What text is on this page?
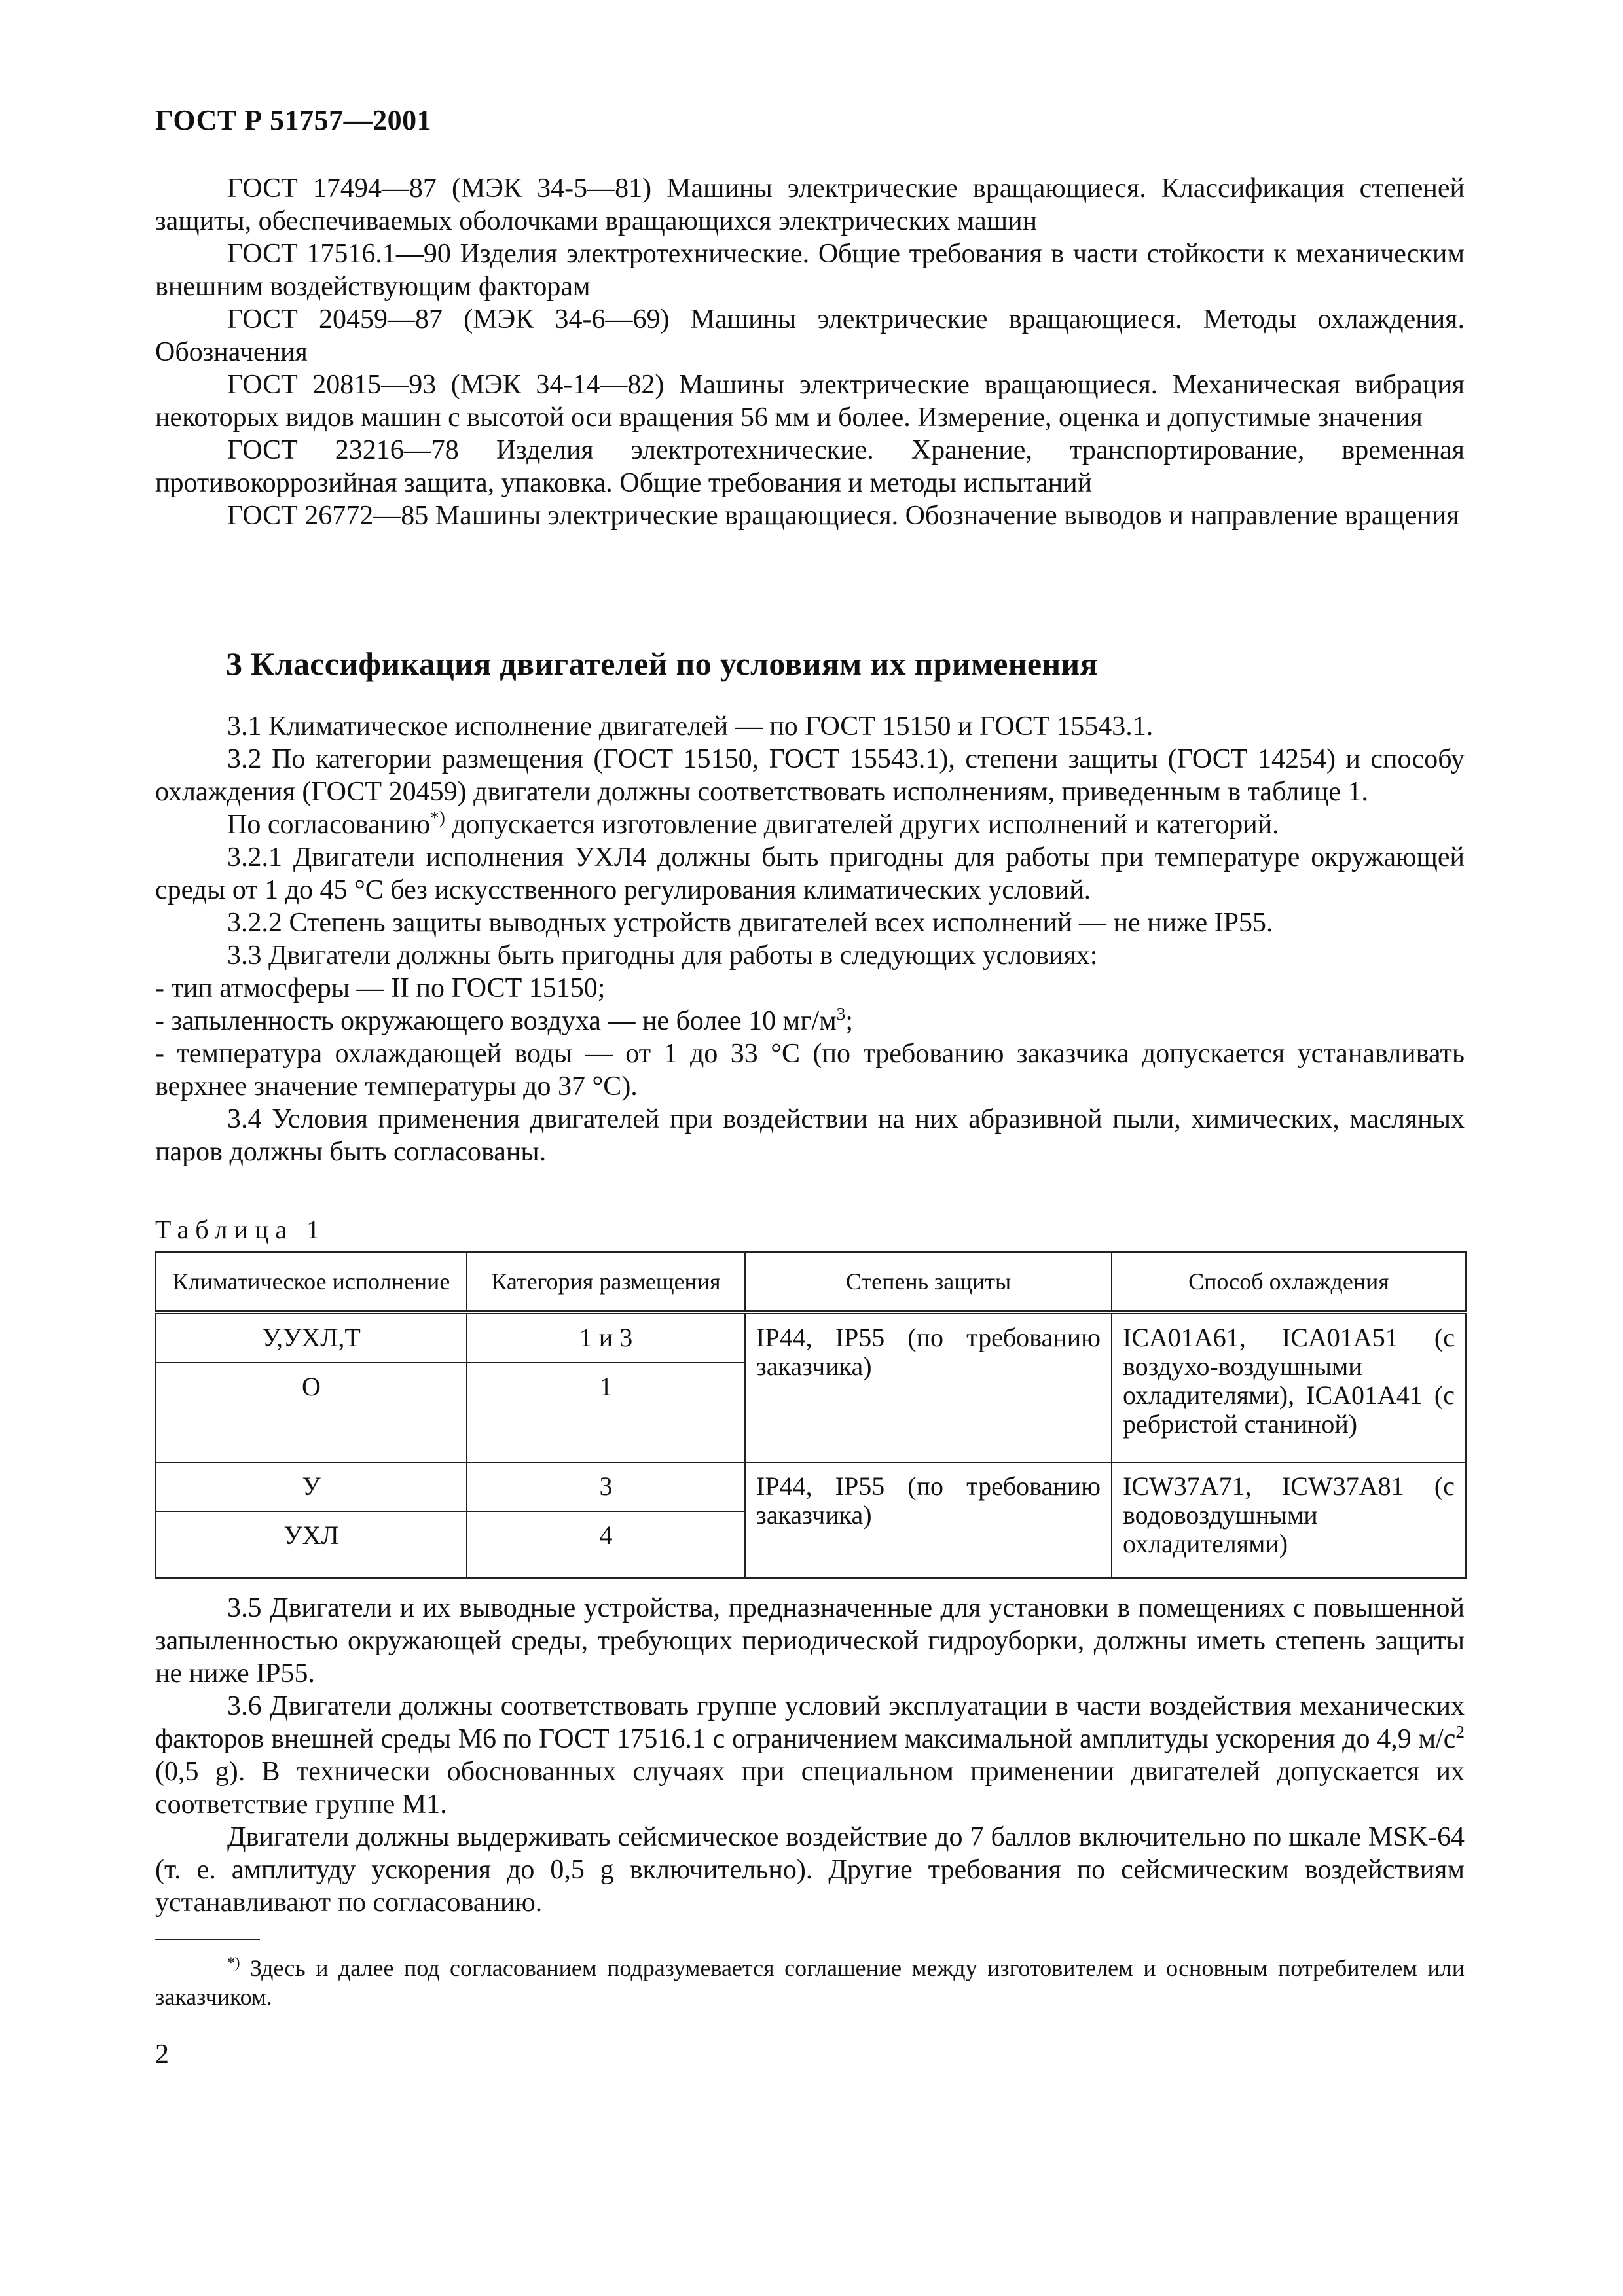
ГОСТ Р 51757—2001

ГОСТ 17494—87 (МЭК 34-5—81) Машины электрические вращающиеся. Классификация степеней защиты, обеспечиваемых оболочками вращающихся электрических машин

ГОСТ 17516.1—90 Изделия электротехнические. Общие требования в части стойкости к механическим внешним воздействующим факторам

ГОСТ 20459—87 (МЭК 34-6—69) Машины электрические вращающиеся. Методы охлаждения. Обозначения

ГОСТ 20815—93 (МЭК 34-14—82) Машины электрические вращающиеся. Механическая вибрация некоторых видов машин с высотой оси вращения 56 мм и более. Измерение, оценка и допустимые значения

ГОСТ 23216—78 Изделия электротехнические. Хранение, транспортирование, временная противокоррозийная защита, упаковка. Общие требования и методы испытаний

ГОСТ 26772—85 Машины электрические вращающиеся. Обозначение выводов и направление вращения

3 Классификация двигателей по условиям их применения

3.1 Климатическое исполнение двигателей — по ГОСТ 15150 и ГОСТ 15543.1.

3.2 По категории размещения (ГОСТ 15150, ГОСТ 15543.1), степени защиты (ГОСТ 14254) и способу охлаждения (ГОСТ 20459) двигатели должны соответствовать исполнениям, приведенным в таблице 1.

По согласованию*) допускается изготовление двигателей других исполнений и категорий.

3.2.1 Двигатели исполнения УХЛ4 должны быть пригодны для работы при температуре окружающей среды от 1 до 45 °С без искусственного регулирования климатических условий.

3.2.2 Степень защиты выводных устройств двигателей всех исполнений — не ниже IP55.

3.3 Двигатели должны быть пригодны для работы в следующих условиях:

- тип атмосферы — II по ГОСТ 15150;

- запыленность окружающего воздуха — не более 10 $мг/м^3$;

- температура охлаждающей воды — от 1 до 33 °С (по требованию заказчика допускается устанавливать верхнее значение температуры до 37 °С).

3.4 Условия применения двигателей при воздействии на них абразивной пыли, химических, масляных паров должны быть согласованы.

Таблица 1
Климатическое исполнение	Категория размещения	Степень защиты	Способ охлаждения
У,УХЛ,Т	1 и 3	IP44, IP55 (по требованию заказчика)	ICA01A61, ICA01A51 (с воздухо-воздушными охладителями), ICA01A41 (с ребристой станиной)
О	1		
У	3	IP44, IP55 (по требованию заказчика)	ICW37A71, ICW37A81 (с водовоздушными охладителями)
УХЛ	4		

3.5 Двигатели и их выводные устройства, предназначенные для установки в помещениях с повышенной запыленностью окружающей среды, требующих периодической гидроуборки, должны иметь степень защиты не ниже IP55.

3.6 Двигатели должны соответствовать группе условий эксплуатации в части воздействия механических факторов внешней среды М6 по ГОСТ 17516.1 с ограничением максимальной амплитуды ускорения до 4,9 $м/с^2$ (0,5 g). В технически обоснованных случаях при специальном применении двигателей допускается их соответствие группе М1.

Двигатели должны выдерживать сейсмическое воздействие до 7 баллов включительно по шкале MSK-64 (т. е. амплитуду ускорения до 0,5 g включительно). Другие требования по сейсмическим воздействиям устанавливают по согласованию.

*) Здесь и далее под согласованием подразумевается соглашение между изготовителем и основным потребителем или заказчиком.

2
